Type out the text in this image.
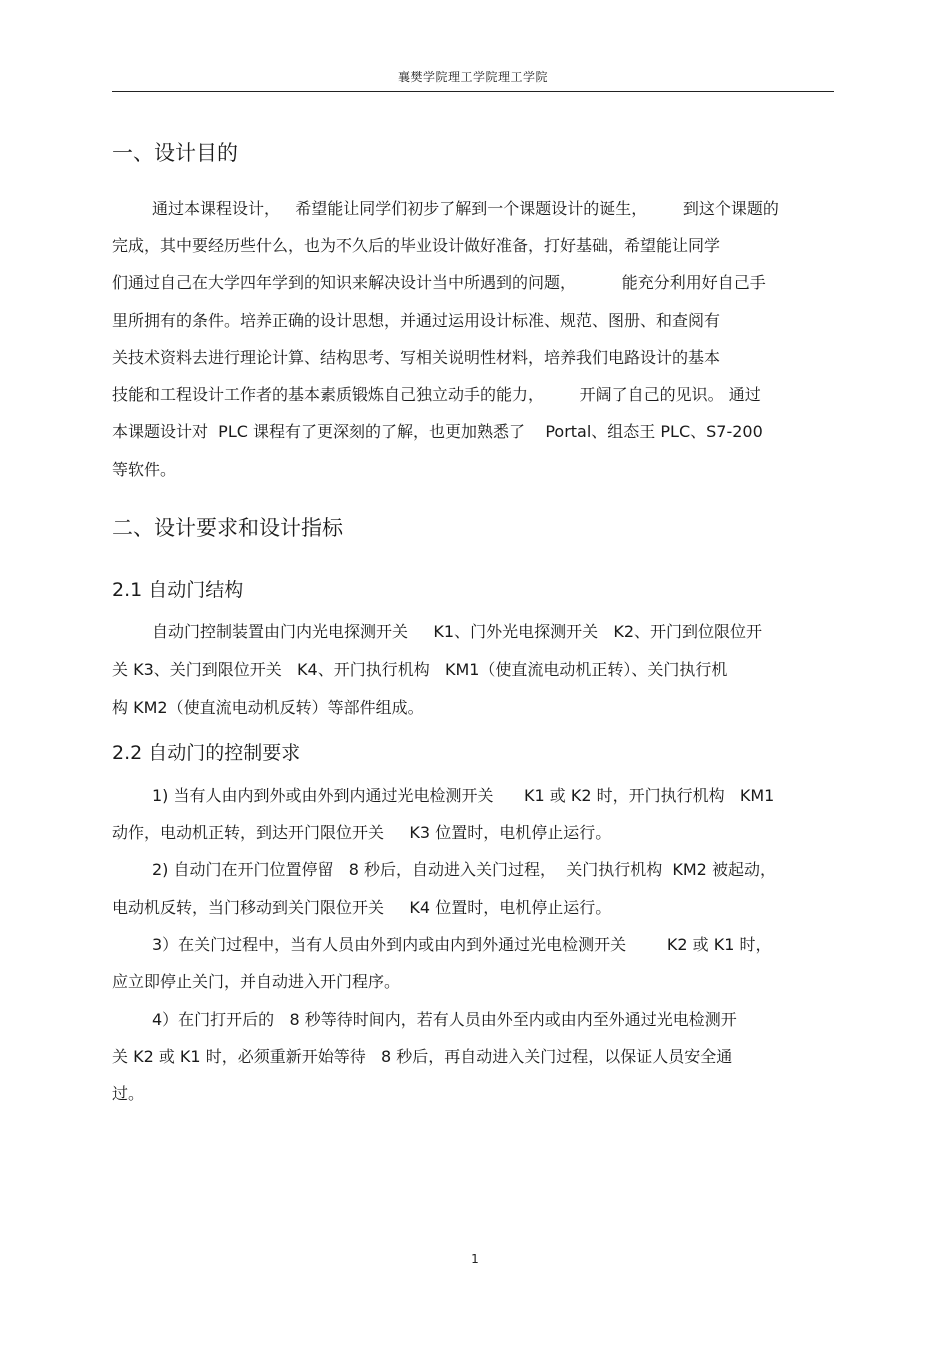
襄樊学院理工学院理工学院
一、设计目的
通过本课程设计，   希望能让同学们初步了解到一个课题设计的诞生，       到这个课题的
完成，其中要经历些什么，也为不久后的毕业设计做好准备，打好基础，希望能让同学
们通过自己在大学四年学到的知识来解决设计当中所遇到的问题，         能充分利用好自己手
里所拥有的条件。培养正确的设计思想，并通过运用设计标准、规范、图册、和查阅有
关技术资料去进行理论计算、结构思考、写相关说明性材料，培养我们电路设计的基本
技能和工程设计工作者的基本素质锻炼自己独立动手的能力，       开阔了自己的见识。 通过
本课题设计对  PLC 课程有了更深刻的了解，也更加熟悉了    Portal、组态王 PLC、S7-200
等软件。
二、设计要求和设计指标
2.1 自动门结构
自动门控制装置由门内光电探测开关     K1、门外光电探测开关   K2、开门到位限位开
关 K3、关门到限位开关   K4、开门执行机构   KM1（使直流电动机正转）、关门执行机
构 KM2（使直流电动机反转）等部件组成。
2.2 自动门的控制要求
1) 当有人由内到外或由外到内通过光电检测开关      K1 或 K2 时，开门执行机构   KM1
动作，电动机正转，到达开门限位开关     K3 位置时，电机停止运行。
2) 自动门在开门位置停留   8 秒后，自动进入关门过程，  关门执行机构  KM2 被起动，
电动机反转，当门移动到关门限位开关     K4 位置时，电机停止运行。
3）在关门过程中，当有人员由外到内或由内到外通过光电检测开关        K2 或 K1 时，
应立即停止关门，并自动进入开门程序。
4）在门打开后的   8 秒等待时间内，若有人员由外至内或由内至外通过光电检测开
关 K2 或 K1 时，必须重新开始等待   8 秒后，再自动进入关门过程，以保证人员安全通
过。
1
